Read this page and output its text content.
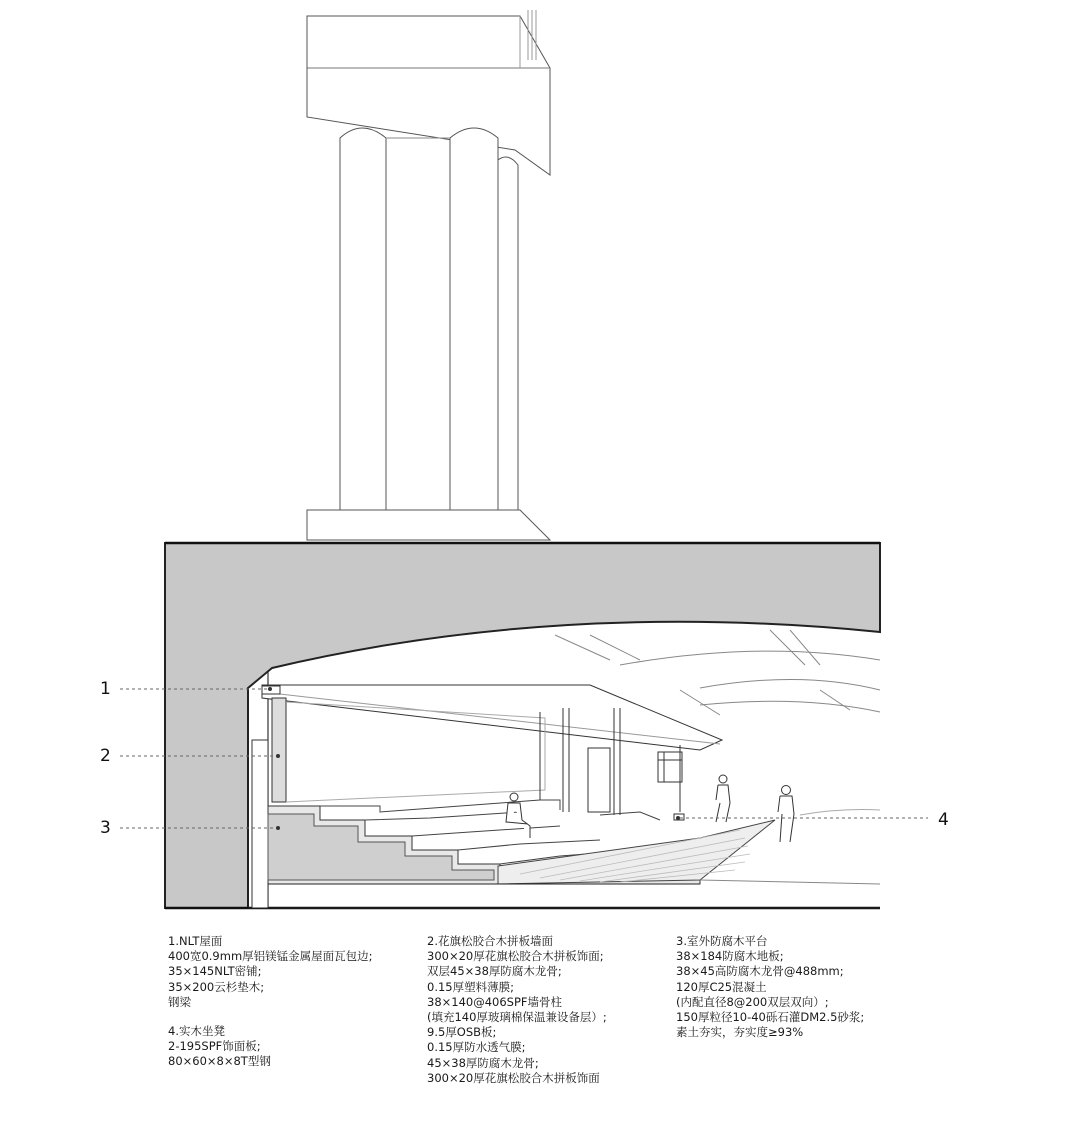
1
2
3	4
1.NLT屋面
400宽0.9mm厚铝镁锰金属屋面瓦包边;
35×145NLT密铺;
35×200云杉垫木;
钢梁
4.实木坐凳
2-195SPF饰面板;
80×60×8×8T型钢
2.花旗松胶合木拼板墙面
300×20厚花旗松胶合木拼板饰面;
双层45×38厚防腐木龙骨;
0.15厚塑料薄膜;
38×140@406SPF墙骨柱
(填充140厚玻璃棉保温兼设备层）;
9.5厚OSB板;
0.15厚防水透气膜;
45×38厚防腐木龙骨;
300×20厚花旗松胶合木拼板饰面
3.室外防腐木平台
38×184防腐木地板;
38×45高防腐木龙骨@488mm;
120厚C25混凝土
(内配直径8@200双层双向）;
150厚粒径10-40砾石灌DM2.5砂浆;
素土夯实，夯实度≥93%
